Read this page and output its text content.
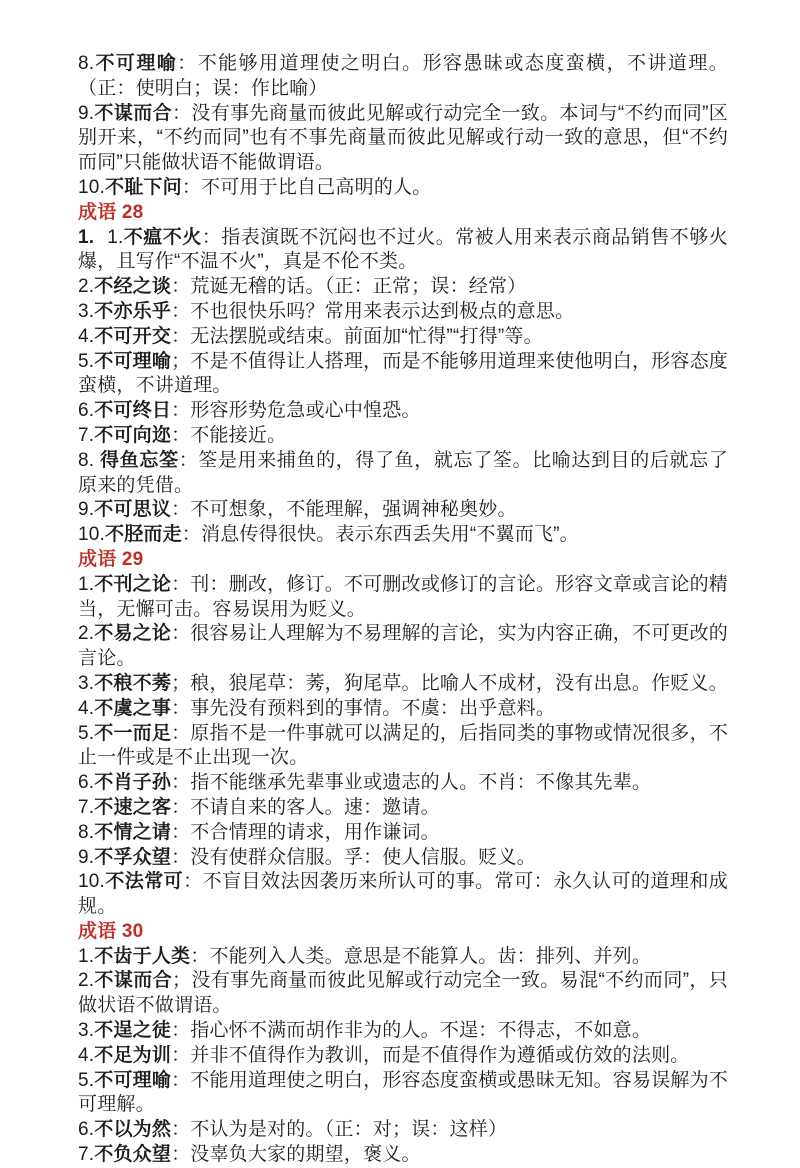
8.不可理喻：不能够用道理使之明白。形容愚昧或态度蛮横，不讲道理。（正：使明白；误：作比喻）

9.不谋而合：没有事先商量而彼此见解或行动完全一致。本词与“不约而同”区别开来，“不约而同”也有不事先商量而彼此见解或行动一致的意思，但“不约而同”只能做状语不能做谓语。

10.不耻下问：不可用于比自己高明的人。

成语 28

1. 1.不瘟不火：指表演既不沉闷也不过火。常被人用来表示商品销售不够火爆，且写作“不温不火”，真是不伦不类。

2.不经之谈：荒诞无稽的话。（正：正常；误：经常）

3.不亦乐乎：不也很快乐吗？常用来表示达到极点的意思。

4.不可开交：无法摆脱或结束。前面加“忙得”“打得”等。

5.不可理喻；不是不值得让人搭理，而是不能够用道理来使他明白，形容态度蛮横，不讲道理。

6.不可终日：形容形势危急或心中惶恐。

7.不可向迩：不能接近。

8. 得鱼忘筌：筌是用来捕鱼的，得了鱼，就忘了筌。比喻达到目的后就忘了原来的凭借。

9.不可思议：不可想象，不能理解，强调神秘奥妙。

10.不胫而走：消息传得很快。表示东西丢失用“不翼而飞”。

成语 29

1.不刊之论：刊：删改，修订。不可删改或修订的言论。形容文章或言论的精当，无懈可击。容易误用为贬义。

2.不易之论：很容易让人理解为不易理解的言论，实为内容正确，不可更改的言论。

3.不稂不莠；稂，狼尾草：莠，狗尾草。比喻人不成材，没有出息。作贬义。

4.不虞之事：事先没有预料到的事情。不虞：出乎意料。

5.不一而足：原指不是一件事就可以满足的，后指同类的事物或情况很多，不止一件或是不止出现一次。

6.不肖子孙：指不能继承先辈事业或遗志的人。不肖：不像其先辈。

7.不速之客：不请自来的客人。速：邀请。

8.不情之请：不合情理的请求，用作谦词。

9.不孚众望：没有使群众信服。孚：使人信服。贬义。

10.不法常可：不盲目效法因袭历来所认可的事。常可：永久认可的道理和成规。

成语 30

1.不齿于人类：不能列入人类。意思是不能算人。齿：排列、并列。

2.不谋而合；没有事先商量而彼此见解或行动完全一致。易混“不约而同”，只做状语不做谓语。

3.不逞之徒：指心怀不满而胡作非为的人。不逞：不得志，不如意。

4.不足为训：并非不值得作为教训，而是不值得作为遵循或仿效的法则。

5.不可理喻：不能用道理使之明白，形容态度蛮横或愚昧无知。容易误解为不可理解。

6.不以为然：不认为是对的。（正：对；误：这样）

7.不负众望：没辜负大家的期望，褒义。
